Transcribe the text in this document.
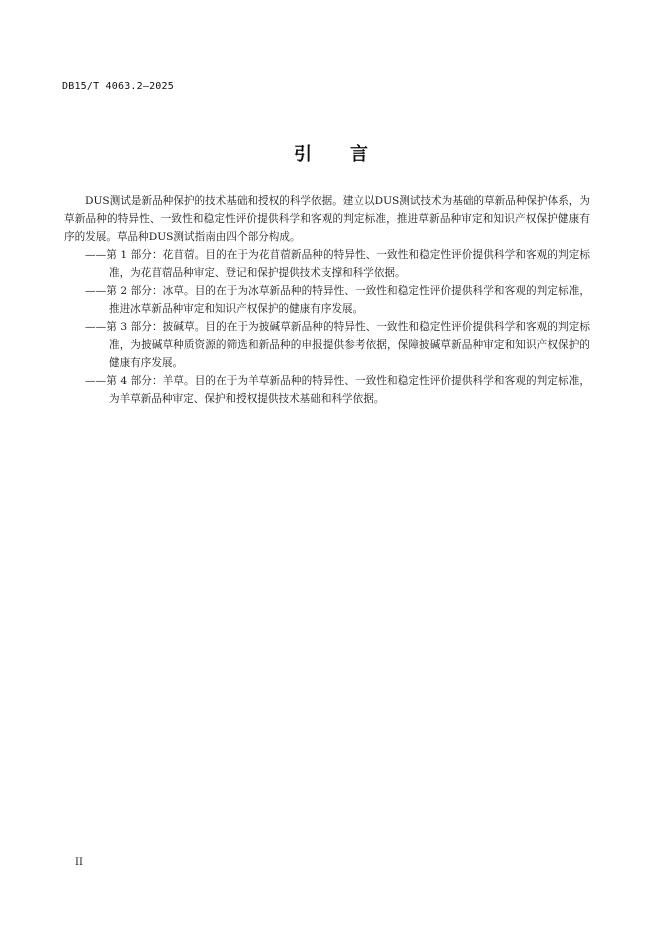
DB15/T 4063.2—2025
引言

DUS测试是新品种保护的技术基础和授权的科学依据。建立以DUS测试技术为基础的草新品种保护体系，为草新品种的特异性、一致性和稳定性评价提供科学和客观的判定标准，推进草新品种审定和知识产权保护健康有序的发展。草品种DUS测试指南由四个部分构成。

——第 1 部分：花苜蓿。目的在于为花苜蓿新品种的特异性、一致性和稳定性评价提供科学和客观的判定标准，为花苜蓿品种审定、登记和保护提供技术支撑和科学依据。

——第 2 部分：冰草。目的在于为冰草新品种的特异性、一致性和稳定性评价提供科学和客观的判定标准，推进冰草新品种审定和知识产权保护的健康有序发展。

——第 3 部分：披碱草。目的在于为披碱草新品种的特异性、一致性和稳定性评价提供科学和客观的判定标准，为披碱草种质资源的筛选和新品种的申报提供参考依据，保障披碱草新品种审定和知识产权保护的健康有序发展。

——第 4 部分：羊草。目的在于为羊草新品种的特异性、一致性和稳定性评价提供科学和客观的判定标准，为羊草新品种审定、保护和授权提供技术基础和科学依据。

II
